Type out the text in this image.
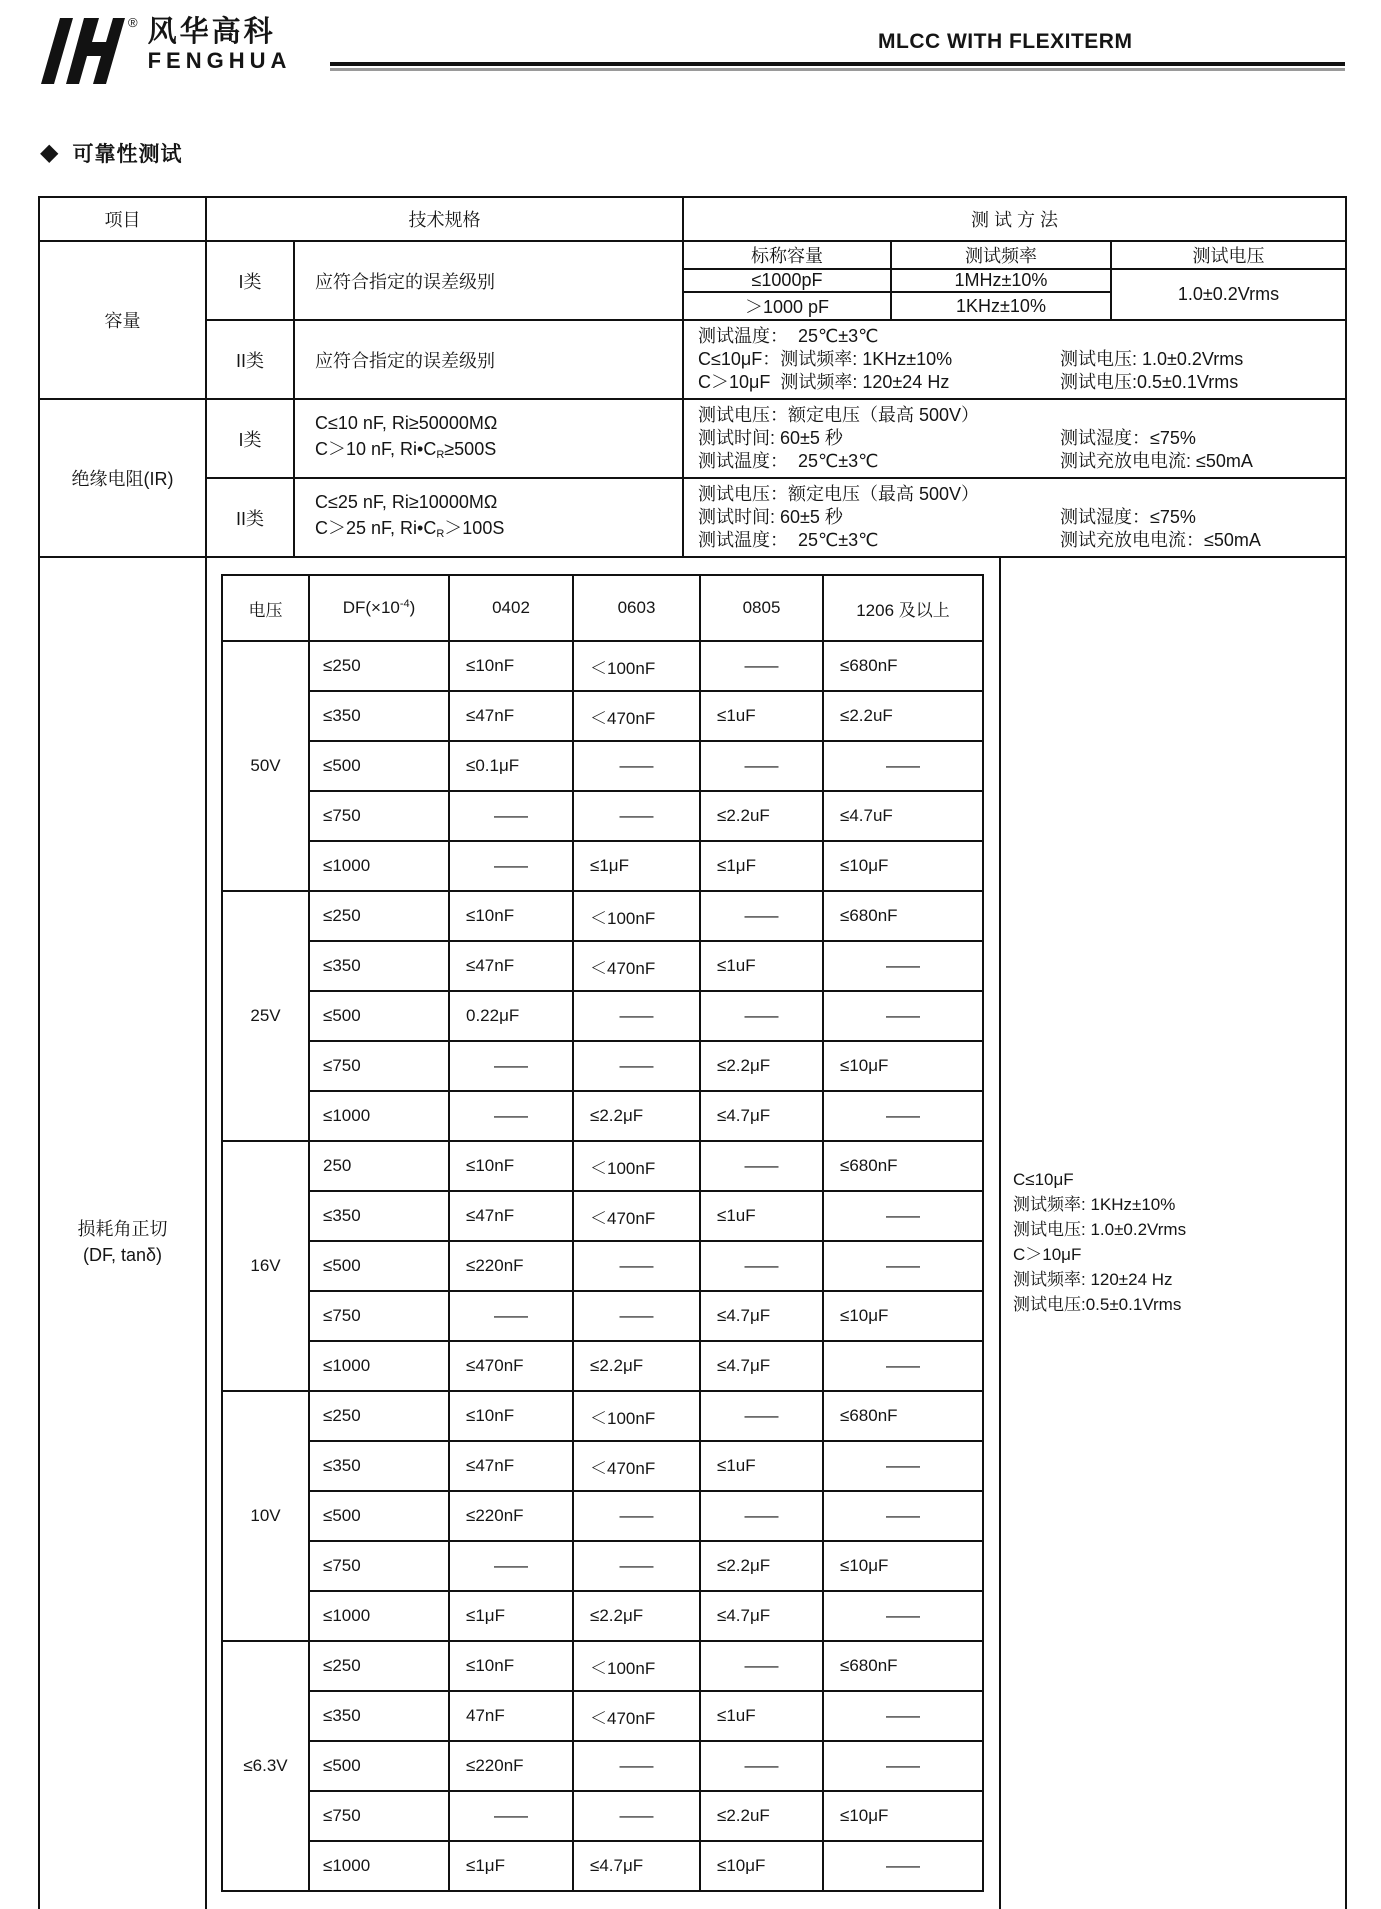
® 风华高科
FENGHUA
MLCC WITH FLEXITERM
◆ 可靠性测试
项目	技术规格	测 试 方 法
容量	I类	应符合指定的误差级别	标称容量	测试频率	测试电压
≤1000pF	1MHz±10%	1.0±0.2Vrms
＞1000 pF	1KHz±10%
II类	应符合指定的误差级别	
测试温度：  25℃±3℃
C≤10μF：测试频率: 1KHz±10%	测试电压: 1.0±0.2Vrms
C＞10μF  测试频率: 120±24 Hz	测试电压:0.5±0.1Vrms

绝缘电阻(IR)	I类	
C≤10 nF, Ri≥50000MΩ
C＞10 nF, Ri•CR≥500S

测试电压：额定电压（最高 500V）
测试时间: 60±5 秒	测试湿度：≤75%
测试温度：  25℃±3℃	测试充放电电流: ≤50mA

II类	
C≤25 nF, Ri≥10000MΩ
C＞25 nF, Ri•CR＞100S

测试电压：额定电压（最高 500V）
测试时间: 60±5 秒	测试湿度：≤75%
测试温度：  25℃±3℃	测试充放电电流：≤50mA

损耗角正切
(DF, tanδ)

电压	$DF(\times 10^{-4})$	0402	0603	0805	1206 及以上
50V	≤250	≤10nF	＜100nF	——	≤680nF
≤350	≤47nF	＜470nF	≤1uF	≤2.2uF
≤500	≤0.1μF	——	——	——
≤750	——	——	≤2.2uF	≤4.7uF
≤1000	——	≤1μF	≤1μF	≤10μF
25V	≤250	≤10nF	＜100nF	——	≤680nF
≤350	≤47nF	＜470nF	≤1uF	——
≤500	0.22μF	——	——	——
≤750	——	——	≤2.2μF	≤10μF
≤1000	——	≤2.2μF	≤4.7μF	——
16V	250	≤10nF	＜100nF	——	≤680nF
≤350	≤47nF	＜470nF	≤1uF	——
≤500	≤220nF	——	——	——
≤750	——	——	≤4.7μF	≤10μF
≤1000	≤470nF	≤2.2μF	≤4.7μF	——
10V	≤250	≤10nF	＜100nF	——	≤680nF
≤350	≤47nF	＜470nF	≤1uF	——
≤500	≤220nF	——	——	——
≤750	——	——	≤2.2μF	≤10μF
≤1000	≤1μF	≤2.2μF	≤4.7μF	——
≤6.3V	≤250	≤10nF	＜100nF	——	≤680nF
≤350	47nF	＜470nF	≤1uF	——
≤500	≤220nF	——	——	——
≤750	——	——	≤2.2uF	≤10μF
≤1000	≤1μF	≤4.7μF	≤10μF	——
C≤10μF
测试频率: 1KHz±10%
测试电压: 1.0±0.2Vrms
C＞10μF
测试频率: 120±24 Hz
测试电压:0.5±0.1Vrms
